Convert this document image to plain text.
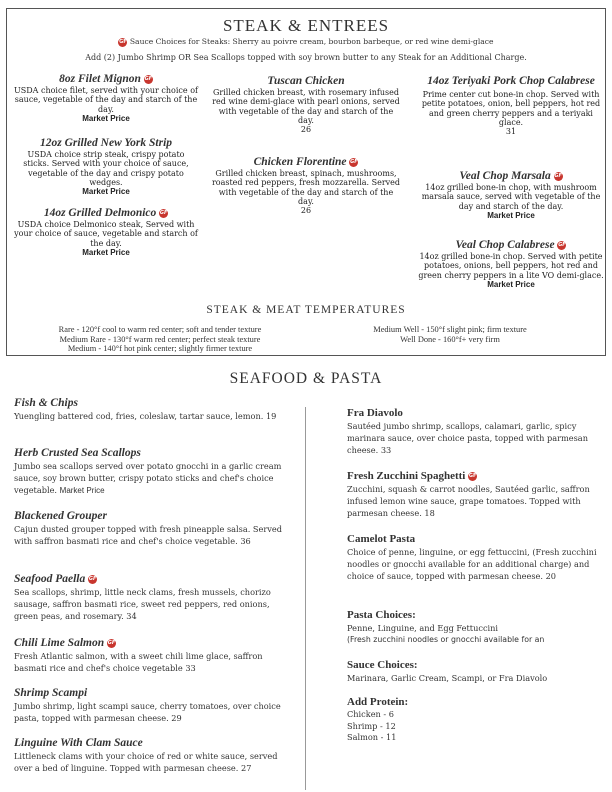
STEAK & ENTREES
GF Sauce Choices for Steaks: Sherry au poivre cream, bourbon barbeque, or red wine demi-glace
Add (2) Jumbo Shrimp OR Sea Scallops topped with soy brown butter to any Steak for an Additional Charge.
8oz Filet Mignon GF
USDA choice filet, served with your choice of sauce, vegetable of the day and starch of the day.
Market Price
12oz Grilled New York Strip
USDA choice strip steak, crispy potato sticks. Served with your choice of sauce, vegetable of the day and crispy potato wedges.
Market Price
14oz Grilled Delmonico GF
USDA choice Delmonico steak, Served with your choice of sauce, vegetable and starch of the day.
Market Price
Tuscan Chicken
Grilled chicken breast, with rosemary infused red wine demi-glace with pearl onions, served with vegetable of the day and starch of the day.
26
Chicken Florentine GF
Grilled chicken breast, spinach, mushrooms, roasted red peppers, fresh mozzarella. Served with vegetable of the day and starch of the day.
26
14oz Teriyaki Pork Chop Calabrese
Prime center cut bone-in chop. Served with petite potatoes, onion, bell peppers, hot red and green cherry peppers and a teriyaki glace.
31
Veal Chop Marsala GF
14oz grilled bone-in chop, with mushroom marsala sauce, served with vegetable of the day and starch of the day.
Market Price
Veal Chop Calabrese GF
14oz grilled bone-in chop. Served with petite potatoes, onions, bell peppers, hot red and green cherry peppers in a lite VO demi-glace.
Market Price
STEAK & MEAT TEMPERATURES
Rare - 120°f cool to warm red center; soft and tender texture
Medium Rare - 130°f warm red center; perfect steak texture
Medium - 140°f hot pink center; slightly firmer texture
Medium Well - 150°f slight pink; firm texture
Well Done - 160°f+ very firm
SEAFOOD & PASTA
Fish & Chips
Yuengling battered cod, fries, coleslaw, tartar sauce, lemon. 19
Herb Crusted Sea Scallops
Jumbo sea scallops served over potato gnocchi in a garlic cream sauce, soy brown butter, crispy potato sticks and chef's choice vegetable. Market Price
Blackened Grouper
Cajun dusted grouper topped with fresh pineapple salsa. Served with saffron basmati rice and chef's choice vegetable. 36
Seafood Paella GF
Sea scallops, shrimp, little neck clams, fresh mussels, chorizo sausage, saffron basmati rice, sweet red peppers, red onions, green peas, and rosemary. 34
Chili Lime Salmon GF
Fresh Atlantic salmon, with a sweet chili lime glace, saffron basmati rice and chef's choice vegetable 33
Shrimp Scampi
Jumbo shrimp, light scampi sauce, cherry tomatoes, over choice pasta, topped with parmesan cheese. 29
Linguine With Clam Sauce
Littleneck clams with your choice of red or white sauce, served over a bed of linguine. Topped with parmesan cheese. 27
Fra Diavolo
Sautéed jumbo shrimp, scallops, calamari, garlic, spicy marinara sauce, over choice pasta, topped with parmesan cheese. 33
Fresh Zucchini Spaghetti GF
Zucchini, squash & carrot noodles, Sautéed garlic, saffron infused lemon wine sauce, grape tomatoes. Topped with parmesan cheese. 18
Camelot Pasta
Choice of penne, linguine, or egg fettuccini, (Fresh zucchini noodles or gnocchi available for an additional charge) and choice of sauce, topped with parmesan cheese. 20
Pasta Choices:
Penne, Linguine, and Egg Fettuccini
(Fresh zucchini noodles or gnocchi available for an
Sauce Choices:
Marinara, Garlic Cream, Scampi, or Fra Diavolo
Add Protein:
Chicken - 6
Shrimp - 12
Salmon - 11
